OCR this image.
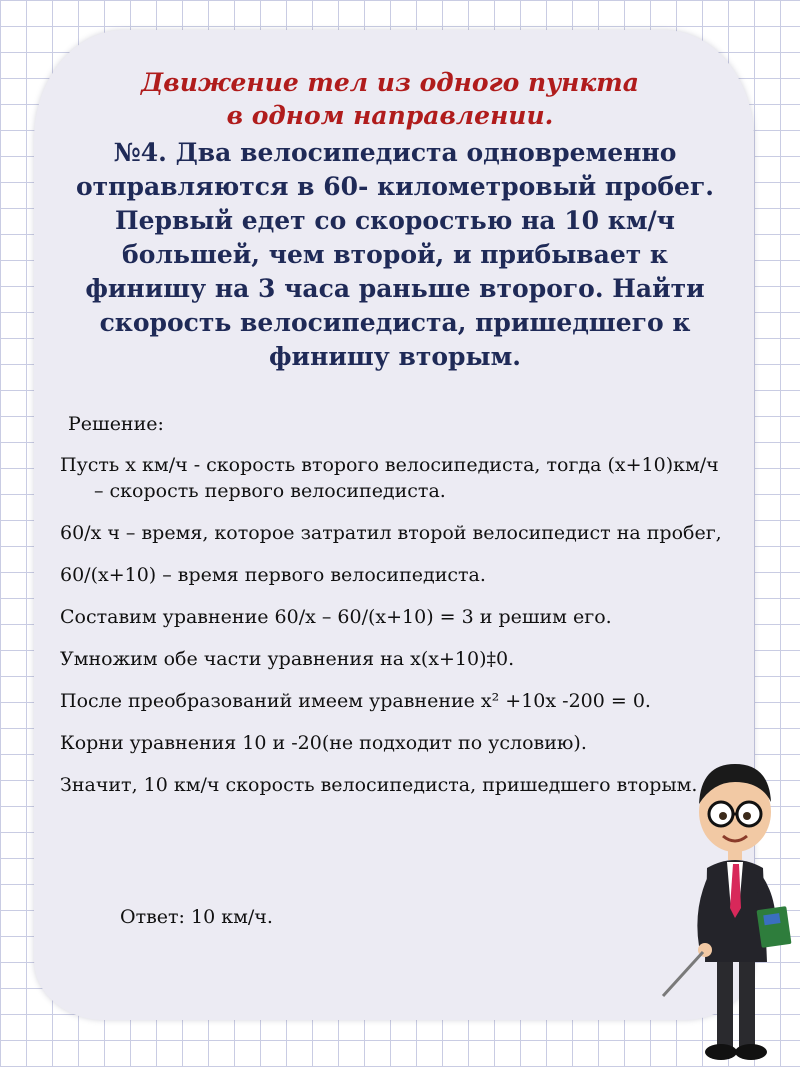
Движение тел из одного пункта
в одном направлении.
№4. Два велосипедиста одновременно отправляются в 60- километровый пробег. Первый едет со скоростью на 10 км/ч большей, чем второй, и прибывает к финишу на 3 часа раньше второго. Найти скорость велосипедиста, пришедшего к финишу вторым.
Решение:

Пусть х км/ч - скорость второго велосипедиста, тогда (х+10)км/ч – скорость первого велосипедиста.

60/х ч – время, которое затратил второй велосипедист на пробег,

60/(х+10) – время первого велосипедиста.

Составим уравнение 60/х – 60/(х+10) = 3 и решим его.

Умножим обе части уравнения на х(х+10)‡0.

После преобразований имеем уравнение х² +10х -200 = 0.

Корни уравнения 10 и -20(не подходит по условию).

Значит, 10 км/ч скорость велосипедиста, пришедшего вторым.

Ответ: 10 км/ч.
